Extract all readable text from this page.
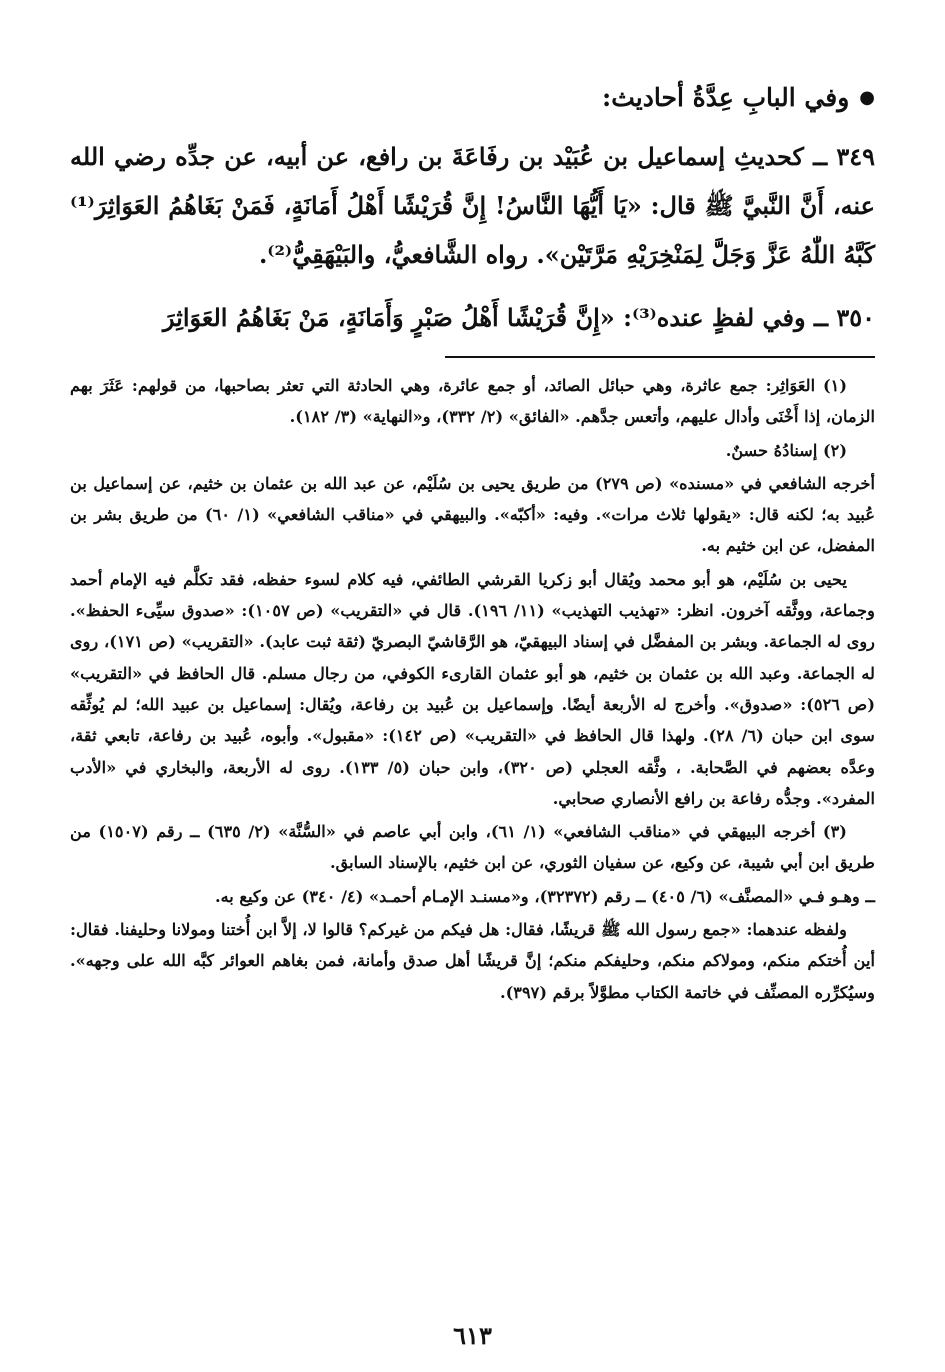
●
وفي البابِ عِدَّةُ أحاديث:

٣٤٩ ــ كحديثِ إسماعيل بن عُبَيْد بن رفَاعَةَ بن رافع، عن أبيه، عن جدِّه رضي الله عنه، أَنَّ النَّبيَّ ﷺ قال: «يَا أَيُّهَا النَّاسُ! إِنَّ قُرَيْشًا أَهْلُ أَمَانَةٍ، فَمَنْ بَغَاهُمُ العَوَاثِرَ⁽¹⁾ كَبَّهُ اللّٰهُ عَزَّ وَجَلَّ لِمَنْخِرَيْهِ مَرَّتَيْن». رواه الشَّافعيُّ، والبَيْهَقِيُّ⁽²⁾.

٣٥٠ ــ وفي لفظٍ عنده⁽³⁾: «إِنَّ قُرَيْشًا أَهْلُ صَبْرٍ وَأَمَانَةٍ، مَنْ بَغَاهُمُ العَوَاثِرَ

(١) العَوَاثِر: جمع عاثرة، وهي حبائل الصائد، أو جمع عائرة، وهي الحادثة التي تعثر بصاحبها، من قولهم: عَثَرَ بهم الزمان، إذا أَخْنَى وأدال عليهم، وأتعس جدَّهم. «الفائق» (٢/ ٣٣٢)، و«النهاية» (٣/ ١٨٢).

(٢) إسنادُهُ حسنٌ.

أخرجه الشافعي في «مسنده» (ص ٢٧٩) من طريق يحيى بن سُلَيْم، عن عبد الله بن عثمان بن خثيم، عن إسماعيل بن عُبيد به؛ لكنه قال: «يقولها ثلاث مرات». وفيه: «أكبّه». والبيهقي في «مناقب الشافعي» (١/ ٦٠) من طريق بشر بن المفضل، عن ابن خثيم به.

يحيى بن سُلَيْم، هو أبو محمد ويُقال أبو زكريا القرشي الطائفي، فيه كلام لسوء حفظه، فقد تكلَّم فيه الإمام أحمد وجماعة، ووثَّقه آخرون. انظر: «تهذيب التهذيب» (١١/ ١٩٦). قال في «التقريب» (ص ١٠٥٧): «صدوق سيِّىء الحفظ». روى له الجماعة. وبشر بن المفضَّل في إسناد البيهقيّ، هو الرَّقاشيّ البصريّ (ثقة ثبت عابد). «التقريب» (ص ١٧١)، روى له الجماعة. وعبد الله بن عثمان بن خثيم، هو أبو عثمان القارىء الكوفي، من رجال مسلم. قال الحافظ في «التقريب» (ص ٥٢٦): «صدوق». وأخرج له الأربعة أيضًا. وإسماعيل بن عُبيد بن رفاعة، ويُقال: إسماعيل بن عبيد الله؛ لم يُوثِّقه سوى ابن حبان (٦/ ٢٨). ولهذا قال الحافظ في «التقريب» (ص ١٤٢): «مقبول». وأبوه، عُبيد بن رفاعة، تابعي ثقة، وعدَّه بعضهم في الصَّحابة. ، وثَّقه العجلي (ص ٣٢٠)، وابن حبان (٥/ ١٣٣). روى له الأربعة، والبخاري في «الأدب المفرد». وجدُّه رفاعة بن رافع الأنصاري صحابي.

(٣) أخرجه البيهقي في «مناقب الشافعي» (١/ ٦١)، وابن أبي عاصم في «السُّنَّة» (٢/ ٦٣٥) ــ رقم (١٥٠٧) من طريق ابن أبي شيبة، عن وكيع، عن سفيان الثوري، عن ابن خثيم، بالإسناد السابق.

ــ وهـو فـي «المصنَّف» (٦/ ٤٠٥) ــ رقم (٣٢٣٧٢)، و«مسنـد الإمـام أحمـد» (٤/ ٣٤٠) عن وكيع به.

ولفظه عندهما: «جمع رسول الله ﷺ قريشًا، فقال: هل فيكم من غيركم؟ قالوا لا، إلاَّ ابن أُختنا ومولانا وحليفنا. فقال: أين أُختكم منكم، ومولاكم منكم، وحليفكم منكم؛ إنَّ قريشًا أهل صدق وأمانة، فمن بغاهم العوائر كبَّه الله على وجهه». وسيُكرِّره المصنِّف في خاتمة الكتاب مطوَّلاً برقم (٣٩٧).

٦١٣
